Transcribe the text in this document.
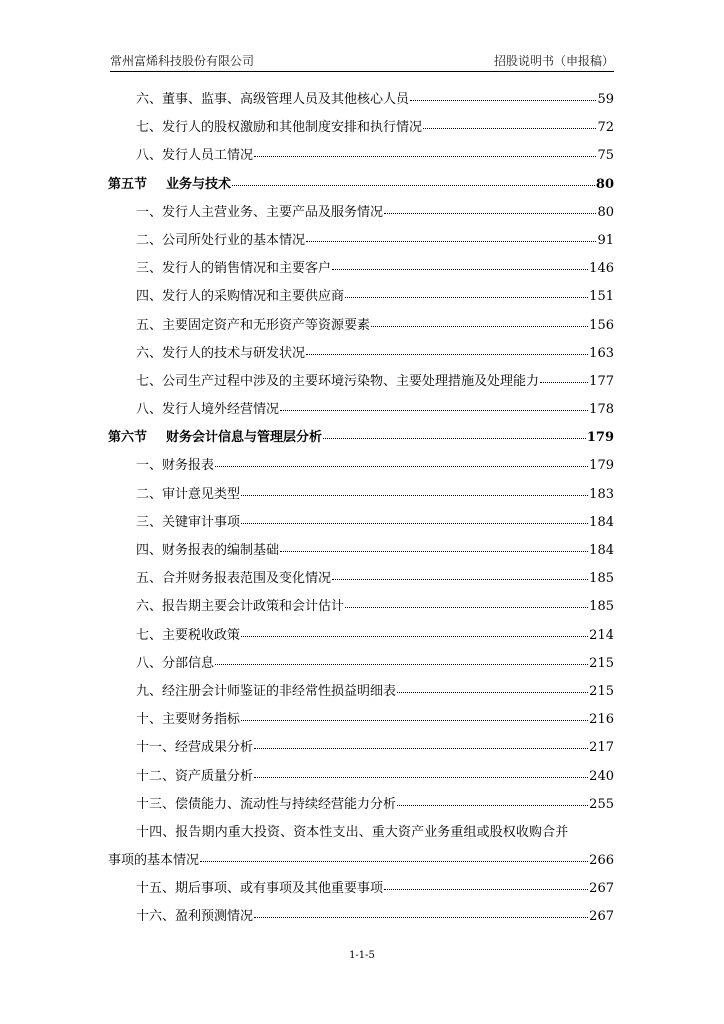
常州富烯科技股份有限公司	招股说明书（申报稿）
六、董事、监事、高级管理人员及其他核心人员	59
七、发行人的股权激励和其他制度安排和执行情况	72
八、发行人员工情况	75
第五节 业务与技术	80
一、发行人主营业务、主要产品及服务情况	80
二、公司所处行业的基本情况	91
三、发行人的销售情况和主要客户	146
四、发行人的采购情况和主要供应商	151
五、主要固定资产和无形资产等资源要素	156
六、发行人的技术与研发状况	163
七、公司生产过程中涉及的主要环境污染物、主要处理措施及处理能力	177
八、发行人境外经营情况	178
第六节 财务会计信息与管理层分析	179
一、财务报表	179
二、审计意见类型	183
三、关键审计事项	184
四、财务报表的编制基础	184
五、合并财务报表范围及变化情况	185
六、报告期主要会计政策和会计估计	185
七、主要税收政策	214
八、分部信息	215
九、经注册会计师鉴证的非经常性损益明细表	215
十、主要财务指标	216
十一、经营成果分析	217
十二、资产质量分析	240
十三、偿债能力、流动性与持续经营能力分析	255
十四、报告期内重大投资、资本性支出、重大资产业务重组或股权收购合并
事项的基本情况	266
十五、期后事项、或有事项及其他重要事项	267
十六、盈利预测情况	267
1-1-5
